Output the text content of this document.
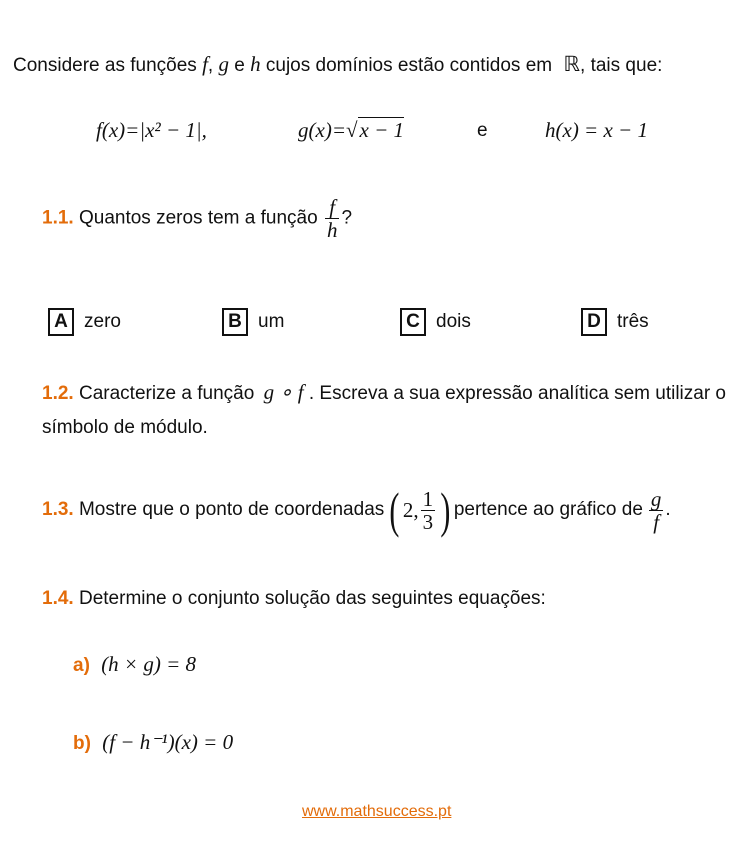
Considere as funções f, g e h cujos domínios estão contidos em ℝ, tais que:
f(x)=|x² − 1|,	g(x)=√x − 1	e	h(x) = x − 1
1.1. Quantos zeros tem a função $\frac{f}{h}$ ?
A zero	B um	C dois	D três
1.2. Caracterize a função g ∘ f . Escreva a sua expressão analítica sem utilizar o
símbolo de módulo.
1.3.
Mostre que o ponto de coordenadas ( 2, $\frac{1}{3}$ ) pertence ao gráfico de $\frac{g}{f}$ .
1.4. Determine o conjunto solução das seguintes equações:
a) (h × g) = 8
b) (f − h⁻¹)(x) = 0
www.mathsuccess.pt
